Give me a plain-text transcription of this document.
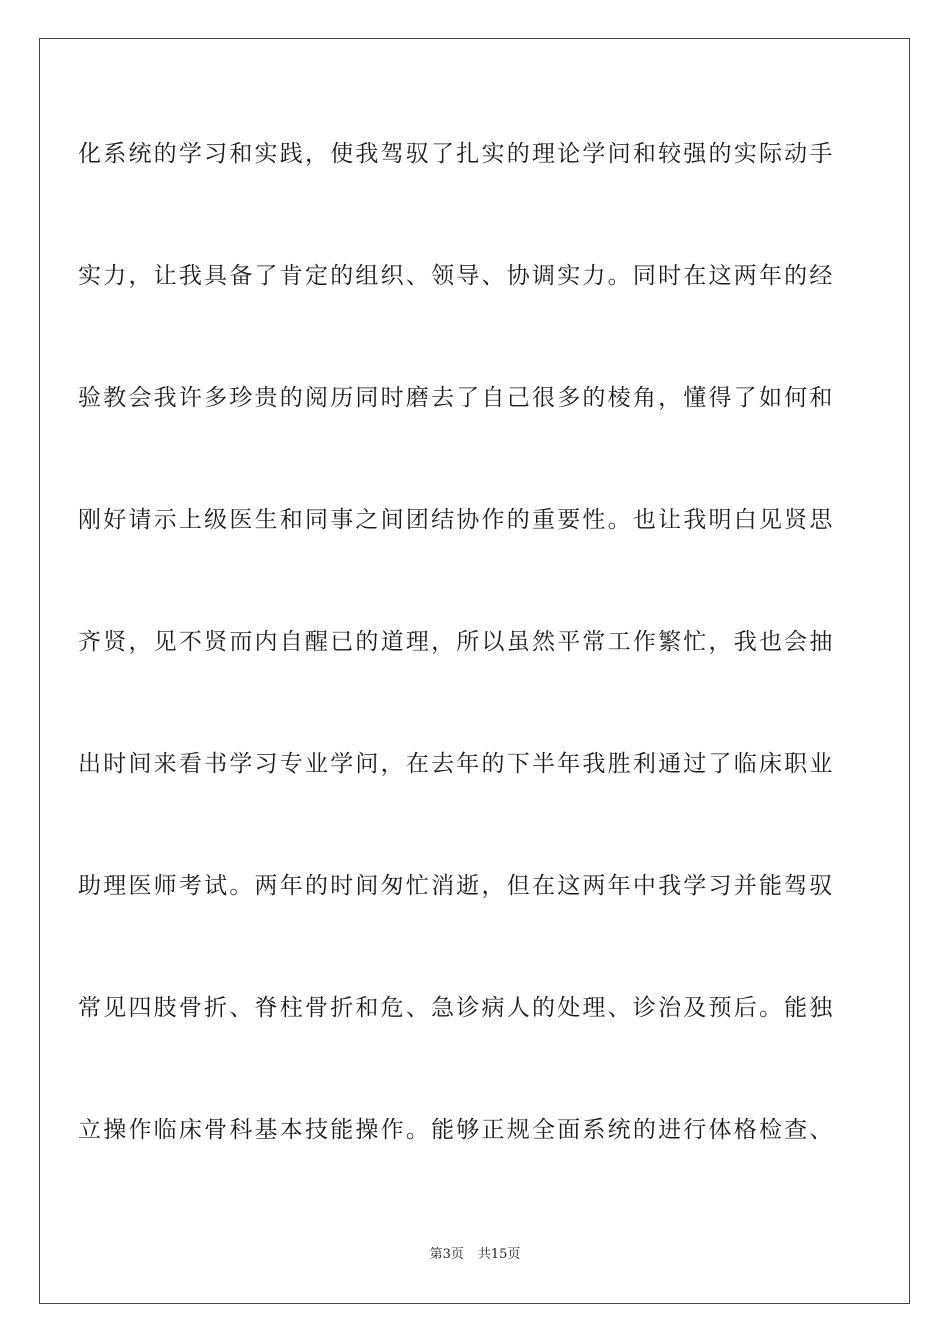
化系统的学习和实践，使我驾驭了扎实的理论学问和较强的实际动手
实力，让我具备了肯定的组织、领导、协调实力。同时在这两年的经
验教会我许多珍贵的阅历同时磨去了自己很多的棱角，懂得了如何和
刚好请示上级医生和同事之间团结协作的重要性。也让我明白见贤思
齐贤，见不贤而内自醒已的道理，所以虽然平常工作繁忙，我也会抽
出时间来看书学习专业学问，在去年的下半年我胜利通过了临床职业
助理医师考试。两年的时间匆忙消逝，但在这两年中我学习并能驾驭
常见四肢骨折、脊柱骨折和危、急诊病人的处理、诊治及预后。能独
立操作临床骨科基本技能操作。能够正规全面系统的进行体格检查、
第3页 共15页
